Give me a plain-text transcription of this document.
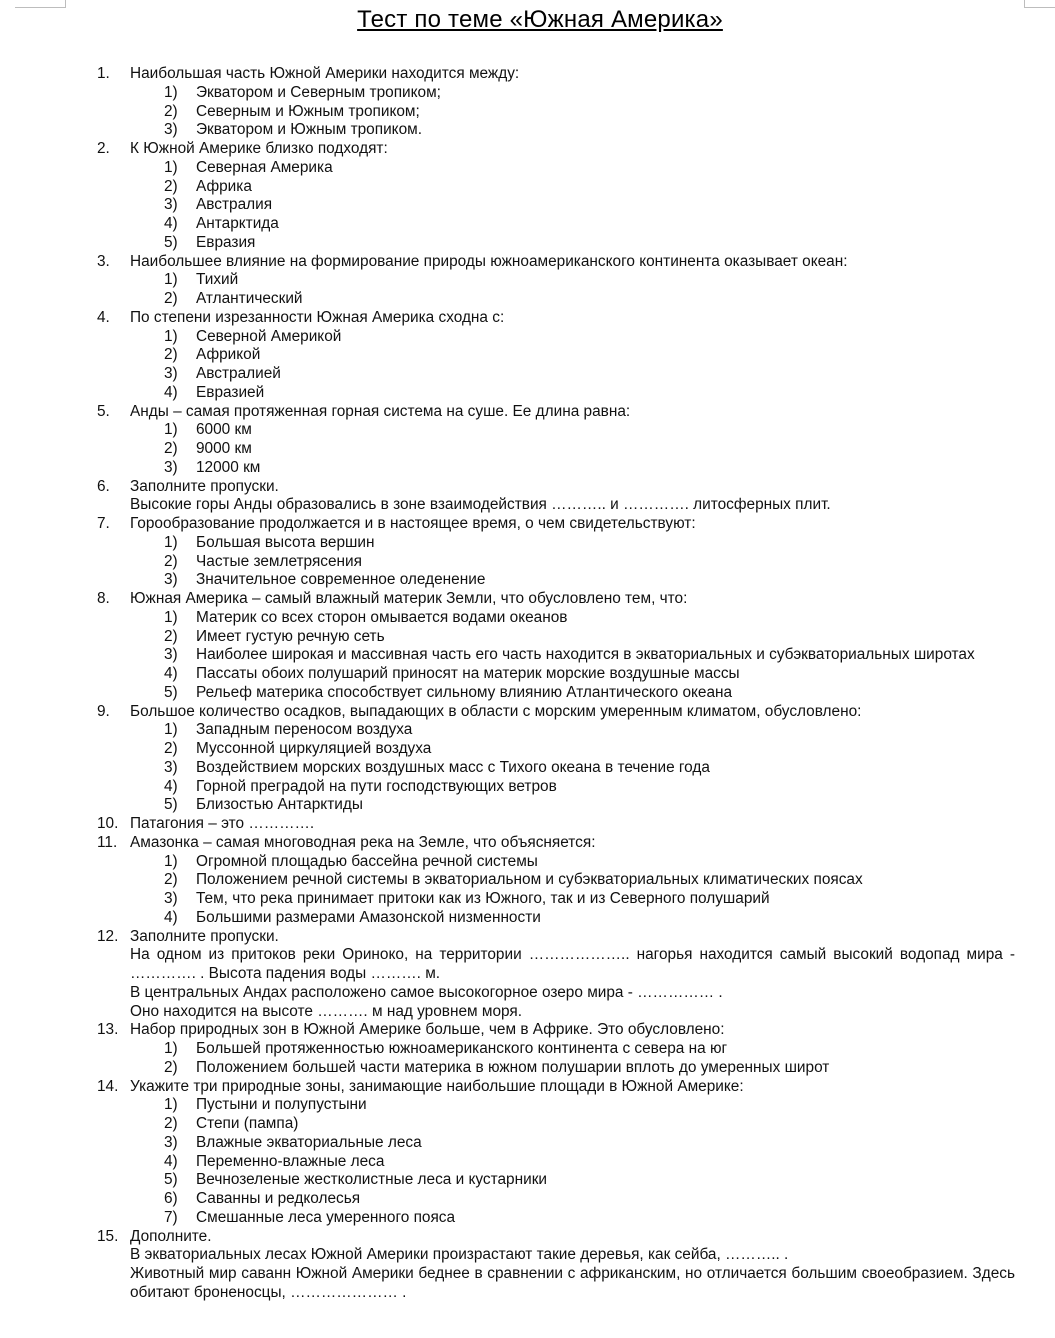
Тест по теме «Южная Америка»
1. Наибольшая часть Южной Америки находится между:
1) Экватором и Северным тропиком;
2) Северным и Южным тропиком;
3) Экватором и Южным тропиком.
2. К Южной Америке близко подходят:
1) Северная Америка
2) Африка
3) Австралия
4) Антарктида
5) Евразия
3. Наибольшее влияние на формирование природы южноамериканского континента оказывает океан:
1) Тихий
2) Атлантический
4. По степени изрезанности Южная Америка сходна с:
1) Северной Америкой
2) Африкой
3) Австралией
4) Евразией
5. Анды – самая протяженная горная система на суше. Ее длина равна:
1) 6000 км
2) 9000 км
3) 12000 км
6. Заполните пропуски.
Высокие горы Анды образовались в зоне взаимодействия ……….. и …………. литосферных плит.
7. Горообразование продолжается и в настоящее время, о чем свидетельствуют:
1) Большая высота вершин
2) Частые землетрясения
3) Значительное современное оледенение
8. Южная Америка – самый влажный материк Земли, что обусловлено тем, что:
1) Материк со всех сторон омывается водами океанов
2) Имеет густую речную сеть
3) Наиболее широкая и массивная часть его часть находится в экваториальных и субэкваториальных широтах
4) Пассаты обоих полушарий приносят на материк морские воздушные массы
5) Рельеф материка способствует сильному влиянию Атлантического океана
9. Большое количество осадков, выпадающих в области с морским умеренным климатом, обусловлено:
1) Западным переносом воздуха
2) Муссонной циркуляцией воздуха
3) Воздействием морских воздушных масс с Тихого океана в течение года
4) Горной преградой на пути господствующих ветров
5) Близостью Антарктиды
10. Патагония – это ………….
11. Амазонка – самая многоводная река на Земле, что объясняется:
1) Огромной площадью бассейна речной системы
2) Положением речной системы в экваториальном и субэкваториальных климатических поясах
3) Тем, что река принимает притоки как из Южного, так и из Северного полушарий
4) Большими размерами Амазонской низменности
12. Заполните пропуски.
На одном из притоков реки Ориноко, на территории ……………….. нагорья находится самый высокий водопад мира - …………. . Высота падения воды ………. м.
В центральных Андах расположено самое высокогорное озеро мира - …………… .
Оно находится на высоте ………. м над уровнем моря.
13. Набор природных зон в Южной Америке больше, чем в Африке. Это обусловлено:
1) Большей протяженностью южноамериканского континента с севера на юг
2) Положением большей части материка в южном полушарии вплоть до умеренных широт
14. Укажите три природные зоны, занимающие наибольшие площади в Южной Америке:
1) Пустыни и полупустыни
2) Степи (пампа)
3) Влажные экваториальные леса
4) Переменно-влажные леса
5) Вечнозеленые жестколистные леса и кустарники
6) Саванны и редколесья
7) Смешанные леса умеренного пояса
15. Дополните.
В экваториальных лесах Южной Америки произрастают такие деревья, как сейба, ……….. .
Животный мир саванн Южной Америки беднее в сравнении с африканским, но отличается большим своеобразием. Здесь обитают броненосцы, ………………… .
